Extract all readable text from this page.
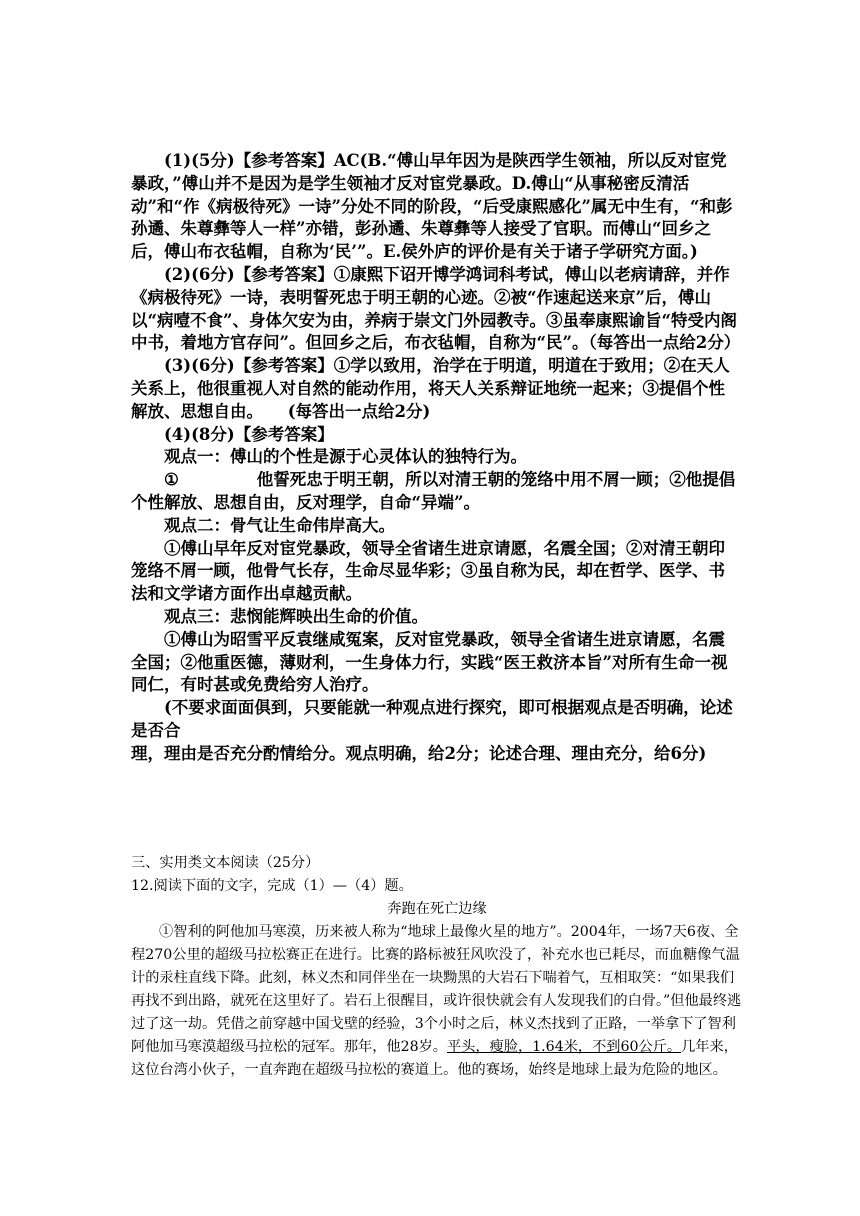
(1)(5分)【参考答案】AC(B.“傅山早年因为是陕西学生领袖，所以反对宦党暴政，”傅山并不是因为是学生领袖才反对宦党暴政。D.傅山“从事秘密反清活动”和“作《病极待死》一诗”分处不同的阶段，“后受康熙感化”属无中生有，“和彭孙遹、朱尊彝等人一样”亦错，彭孙遹、朱尊彝等人接受了官职。而傅山“回乡之后，傅山布衣毡帽，自称为‘民’”。E.侯外庐的评价是有关于诸子学研究方面。)

(2)(6分)【参考答案】①康熙下诏开博学鸿词科考试，傅山以老病请辞，并作《病极待死》一诗，表明誓死忠于明王朝的心迹。②被“作速起送来京”后，傅山以“病噎不食”、身体欠安为由，养病于崇文门外园教寺。③虽奉康熙谕旨“特受内阁中书，着地方官存问”。但回乡之后，布衣毡帽，自称为“民”。（每答出一点给2分）

(3)(6分)【参考答案】①学以致用，治学在于明道，明道在于致用；②在天人关系上，他很重视人对自然的能动作用，将天人关系辩证地统一起来；③提倡个性解放、思想自由。　　(每答出一点给2分)

(4)(8分)【参考答案】

观点一：傅山的个性是源于心灵体认的独特行为。

①	他誓死忠于明王朝，所以对清王朝的笼络中用不屑一顾；②他提倡个性解放、思想自由，反对理学，自命“异端”。

观点二：骨气让生命伟岸高大。

①傅山早年反对宦党暴政，领导全省诸生进京请愿，名震全国；②对清王朝印笼络不屑一顾，他骨气长存，生命尽显华彩；③虽自称为民，却在哲学、医学、书法和文学诸方面作出卓越贡献。

观点三：悲悯能辉映出生命的价值。

①傅山为昭雪平反袁继咸冤案，反对宦党暴政，领导全省诸生进京请愿，名震全国；②他重医德，薄财利，一生身体力行，实践“医王救济本旨”对所有生命一视同仁，有时甚或免费给穷人治疗。

(不要求面面俱到，只要能就一种观点进行探究，即可根据观点是否明确，论述是否合

理，理由是否充分酌情给分。观点明确，给2分；论述合理、理由充分，给6分)

三、实用类文本阅读（25分）

12.阅读下面的文字，完成（1）—（4）题。

奔跑在死亡边缘

①智利的阿他加马寒漠，历来被人称为“地球上最像火星的地方”。2004年，一场7天6夜、全程270公里的超级马拉松赛正在进行。比赛的路标被狂风吹没了，补充水也已耗尽，而血糖像气温计的汞柱直线下降。此刻，林义杰和同伴坐在一块黝黑的大岩石下喘着气，互相取笑：“如果我们再找不到出路，就死在这里好了。岩石上很醒目，或许很快就会有人发现我们的白骨。”但他最终逃过了这一劫。凭借之前穿越中国戈壁的经验，3个小时之后，林义杰找到了正路，一举拿下了智利阿他加马寒漠超级马拉松的冠军。那年，他28岁。平头，瘦脸，1.64米，不到60公斤。几年来，这位台湾小伙子，一直奔跑在超级马拉松的赛道上。他的赛场，始终是地球上最为危险的地区。
